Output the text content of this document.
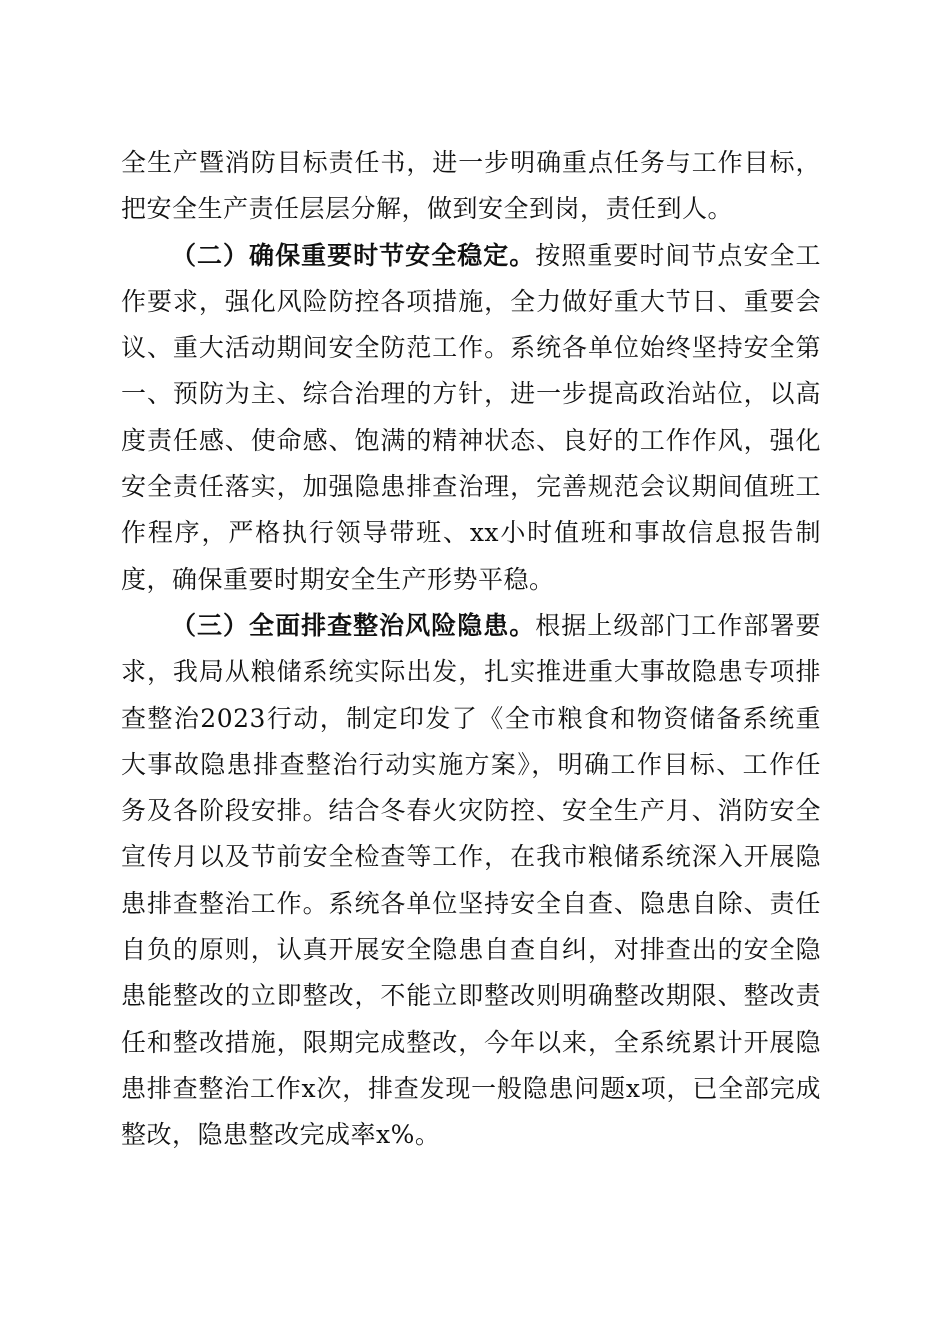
全生产暨消防目标责任书，进一步明确重点任务与工作目标，把安全生产责任层层分解，做到安全到岗，责任到人。

（二）确保重要时节安全稳定。按照重要时间节点安全工作要求，强化风险防控各项措施，全力做好重大节日、重要会议、重大活动期间安全防范工作。系统各单位始终坚持安全第一、预防为主、综合治理的方针，进一步提高政治站位，以高度责任感、使命感、饱满的精神状态、良好的工作作风，强化安全责任落实，加强隐患排查治理，完善规范会议期间值班工作程序，严格执行领导带班、xx小时值班和事故信息报告制度，确保重要时期安全生产形势平稳。

（三）全面排查整治风险隐患。根据上级部门工作部署要求，我局从粮储系统实际出发，扎实推进重大事故隐患专项排查整治2023行动，制定印发了《全市粮食和物资储备系统重大事故隐患排查整治行动实施方案》，明确工作目标、工作任务及各阶段安排。结合冬春火灾防控、安全生产月、消防安全宣传月以及节前安全检查等工作，在我市粮储系统深入开展隐患排查整治工作。系统各单位坚持安全自查、隐患自除、责任自负的原则，认真开展安全隐患自查自纠，对排查出的安全隐患能整改的立即整改，不能立即整改则明确整改期限、整改责任和整改措施，限期完成整改，今年以来，全系统累计开展隐患排查整治工作x次，排查发现一般隐患问题x项，已全部完成整改，隐患整改完成率x%。
